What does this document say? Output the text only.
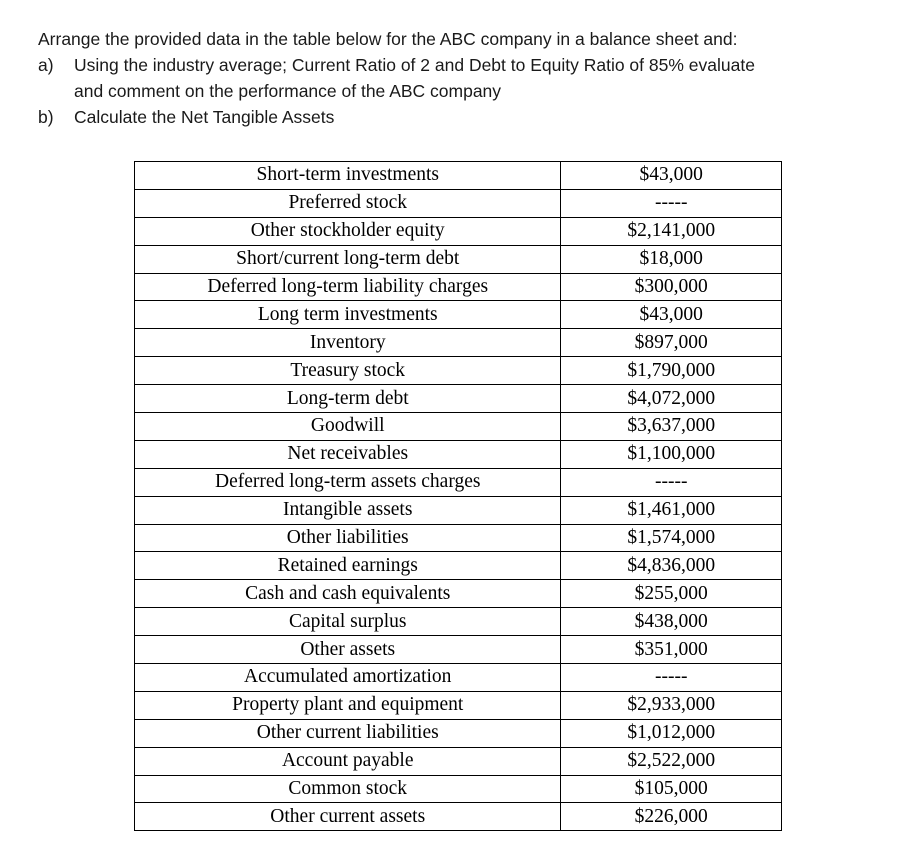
Arrange the provided data in the table below for the ABC company in a balance sheet and:

a) Using the industry average; Current Ratio of 2 and Debt to Equity Ratio of 85% evaluate
and comment on the performance of the ABC company

b) Calculate the Net Tangible Assets

Short-term investments	$43,000
Preferred stock	-----
Other stockholder equity	$2,141,000
Short/current long-term debt	$18,000
Deferred long-term liability charges	$300,000
Long term investments	$43,000
Inventory	$897,000
Treasury stock	$1,790,000
Long-term debt	$4,072,000
Goodwill	$3,637,000
Net receivables	$1,100,000
Deferred long-term assets charges	-----
Intangible assets	$1,461,000
Other liabilities	$1,574,000
Retained earnings	$4,836,000
Cash and cash equivalents	$255,000
Capital surplus	$438,000
Other assets	$351,000
Accumulated amortization	-----
Property plant and equipment	$2,933,000
Other current liabilities	$1,012,000
Account payable	$2,522,000
Common stock	$105,000
Other current assets	$226,000
